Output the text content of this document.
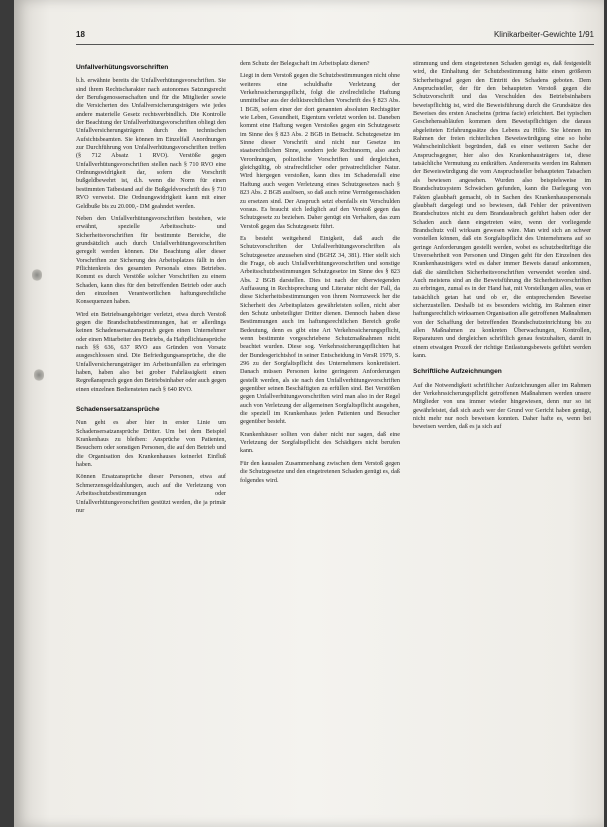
18	Klinikarbeiter-Gewichte 1/91
Unfallverhütungsvorschriften

b.h. erwähnte bereits die Unfallverhütungsvorschriften. Sie sind ihrem Rechtscharakter nach autonomes Satzungsrecht der Berufsgenossenschaften und für die Mitglieder sowie die Versicherten des Unfallversicherungsträgers wie jedes andere materielle Gesetz rechtsverbindlich. Die Kontrolle der Beachtung der Unfallverhütungsvorschriften obliegt den Unfallversicherungsträgern durch den technischen Aufsichtsbeamten. Sie können im Einzelfall Anordnungen zur Durchführung von Unfallverhütungsvorschriften treffen (§ 712 Absatz 1 RVO). Verstöße gegen Unfallverhütungsvorschriften stellen nach § 710 RVO eine Ordnungswidrigkeit dar, sofern die Vorschrift bußgeldbewehrt ist, d.h. wenn die Norm für einen bestimmten Tatbestand auf die Bußgeldvorschrift des § 710 RVO verweist. Die Ordnungswidrigkeit kann mit einer Geldbuße bis zu 20.000,- DM geahndet werden.

Neben den Unfallverhütungsvorschriften bestehen, wie erwähnt, spezielle Arbeitsschutz- und Sicherheitsvorschriften für bestimmte Bereiche, die grundsätzlich auch durch Unfallverhütungsvorschriften geregelt werden können. Die Beachtung aller dieser Vorschriften zur Sicherung des Arbeitsplatzes fällt in den Pflichtenkreis des gesamten Personals eines Betriebes. Kommt es durch Verstöße solcher Vorschriften zu einem Schaden, kann dies für den betreffenden Betrieb oder auch den einzelnen Verantwortlichen haftungsrechtliche Konsequenzen haben.

Wird ein Betriebsangehöriger verletzt, etwa durch Verstoß gegen die Brandschutzbestimmungen, hat er allerdings keinen Schadensersatzanspruch gegen einen Unternehmer oder einen Mitarbeiter des Betriebs, da Haftpflichtansprüche nach §§ 636, 637 RVO aus Gründen von Vorsatz ausgeschlossen sind. Die Befriedigungsansprüche, die die Unfallversicherungsträger im Arbeitsunfällen zu erbringen haben, haben also bei grober Fahrlässigkeit einen Regreßanspruch gegen den Betriebsinhaber oder auch gegen einen einzelnen Bediensteten nach § 640 RVO.

Schadensersatzansprüche

Nun geht es aber hier in erster Linie um Schadensersatzansprüche Dritter. Um bei dem Beispiel Krankenhaus zu bleiben: Ansprüche von Patienten, Besuchern oder sonstigen Personen, die auf den Betrieb und die Organisation des Krankenhauses keinerlei Einfluß haben.

Können Ersatzansprüche dieser Personen, etwa auf Schmerzensgeldzahlungen, auch auf die Verletzung von Arbeitsschutzbestimmungen oder Unfallverhütungsvorschriften gestützt werden, die ja primär nur

dem Schutz der Belegschaft im Arbeitsplatz dienen?

Liegt in dem Verstoß gegen die Schutzbestimmungen nicht ohne weiteres eine schuldhafte Verletzung der Verkehrssicherungspflicht, folgt die zivilrechtliche Haftung unmittelbar aus der deliktsrechtlichen Vorschrift des § 823 Abs. 1 BGB, sofern einer der dort genannten absoluten Rechtsgüter wie Leben, Gesundheit, Eigentum verletzt worden ist. Daneben kommt eine Haftung wegen Verstoßes gegen ein Schutzgesetz im Sinne des § 823 Abs. 2 BGB in Betracht. Schutzgesetze im Sinne dieser Vorschrift sind nicht nur Gesetze im staatsrechtlichen Sinne, sondern jede Rechtsnorm, also auch Verordnungen, polizeiliche Vorschriften und dergleichen, gleichgültig, ob strafrechtlicher oder privatrechtlicher Natur. Wird hiergegen verstoßen, kann dies im Schadensfall eine Haftung auch wegen Verletzung eines Schutzgesetzes nach § 823 Abs. 2 BGB auslösen, so daß auch reine Vermögensschäden zu ersetzen sind. Der Anspruch setzt ebenfalls ein Verschulden voraus. Es braucht sich lediglich auf den Verstoß gegen das Schutzgesetz zu beziehen. Daher genügt ein Verhalten, das zum Verstoß gegen das Schutzgesetz führt.

Es besteht weitgehend Einigkeit, daß auch die Schutzvorschriften der Unfallverhütungsvorschriften als Schutzgesetze anzusehen sind (BGHZ 34, 381). Hier stellt sich die Frage, ob auch Unfallverhütungsvorschriften und sonstige Arbeitsschutzbestimmungen Schutzgesetze im Sinne des § 823 Abs. 2 BGB darstellen. Dies ist nach der überwiegenden Auffassung in Rechtsprechung und Literatur nicht der Fall, da diese Sicherheitsbestimmungen von ihrem Normzweck her die Sicherheit des Arbeitsplatzes gewährleisten sollen, nicht aber den Schutz unbeteiligter Dritter dienen. Dennoch haben diese Bestimmungen auch im haftungsrechtlichen Bereich große Bedeutung, denn es gibt eine Art Verkehrssicherungspflicht, wenn bestimmte vorgeschriebene Schutzmaßnahmen nicht beachtet wurden. Diese sog. Verkehrssicherungspflichten hat der Bundesgerichtshof in seiner Entscheidung in VersR 1979, S. 296 zu der Sorgfaltspflicht des Unternehmers konkretisiert. Danach müssen Personen keine geringeren Anforderungen gestellt werden, als sie nach den Unfallverhütungsvorschriften gegenüber seinen Beschäftigten zu erfüllen sind. Bei Verstößen gegen Unfallverhütungsvorschriften wird man also in der Regel auch von Verletzung der allgemeinen Sorgfaltspflicht ausgehen, die speziell im Krankenhaus jeden Patienten und Besucher gegenüber besteht.

Krankenhäuser sollten von daher nicht nur sagen, daß eine Verletzung der Sorgfaltspflicht des Schädigers nicht berufen kann.

Für den kausalen Zusammenhang zwischen dem Verstoß gegen die Schutzgesetze und den eingetretenen Schaden genügt es, daß folgendes wird.

stimmung und dem eingetretenen Schaden genügt es, daß festgestellt wird, die Einhaltung der Schutzbestimmung hätte einen größeren Sicherheitsgrad gegen den Eintritt des Schadens geboten. Dem Anspruchsteller, der für den behaupteten Verstoß gegen die Schutzvorschrift und das Verschulden des Betriebsinhabers beweispflichtig ist, wird die Beweisführung durch die Grundsätze des Beweises des ersten Anscheins (prima facie) erleichtert. Bei typischen Geschehensabläufen kommen dem Beweispflichtigen die daraus abgeleiteten Erfahrungssätze des Lebens zu Hilfe. Sie können im Rahmen der freien richterlichen Beweiswürdigung eine so hohe Wahrscheinlichkeit begründen, daß es einer weiteren Sache der Anspruchsgegner, hier also des Krankenhausträgers ist, diese tatsächliche Vermutung zu entkräften. Andererseits werden im Rahmen der Beweiswürdigung die vom Anspruchsteller behaupteten Tatsachen als bewiesen angesehen. Wurden also beispielsweise im Brandschutzsystem Schwächen gefunden, kann die Darlegung von Fakten glaubhaft gemacht, ob in Sachen des Krankenhauspersonals glaubhaft dargelegt und so bewiesen, daß Fehler der präventiven Brandschutzes nicht zu dem Brandausbruch geführt haben oder der Schaden auch dann eingetreten wäre, wenn der vorliegende Brandschutz voll wirksam gewesen wäre. Man wird sich an schwer vorstellen können, daß ein Sorgfaltspflicht des Unternehmens auf so geringe Anforderungen gestellt werden, wobei es schutzbedürftige die Unversehrtheit von Personen und Dingen geht für den Einzelnen des Krankenhausträgers wird es daher immer Beweis darauf ankommen, daß die sämtlichen Sicherheitsvorschriften verwendet worden sind. Auch meistens sind an die Beweisführung die Sicherheitsvorschriften zu erbringen, zumal es in der Hand hat, mit Vorstellungen alles, was er tatsächlich getan hat und ob er, die entsprechenden Beweise sicherzustellen. Deshalb ist es besonders wichtig, im Rahmen einer haftungsrechtlich wirksamen Organisation alle getroffenen Maßnahmen von der Schaffung der betreffenden Brandschutzeinrichtung bis zu allen Maßnahmen zu konkreten Überwachungen, Kontrollen, Reparaturen und dergleichen schriftlich genau festzuhalten, damit in einem etwaigen Prozeß der richtige Entlastungsbeweis geführt werden kann.

Schriftliche Aufzeichnungen

Auf die Notwendigkeit schriftlicher Aufzeichnungen aller im Rahmen der Verkehrssicherungspflicht getroffenen Maßnahmen werden unsere Mitglieder von uns immer wieder hingewiesen, denn nur so ist gewährleistet, daß sich auch wer der Grund vor Gericht haben genügt, nicht mehr nur noch beweisen konnten. Daher hafte es, wenn bei beweisen werden, daß es ja sich auf
